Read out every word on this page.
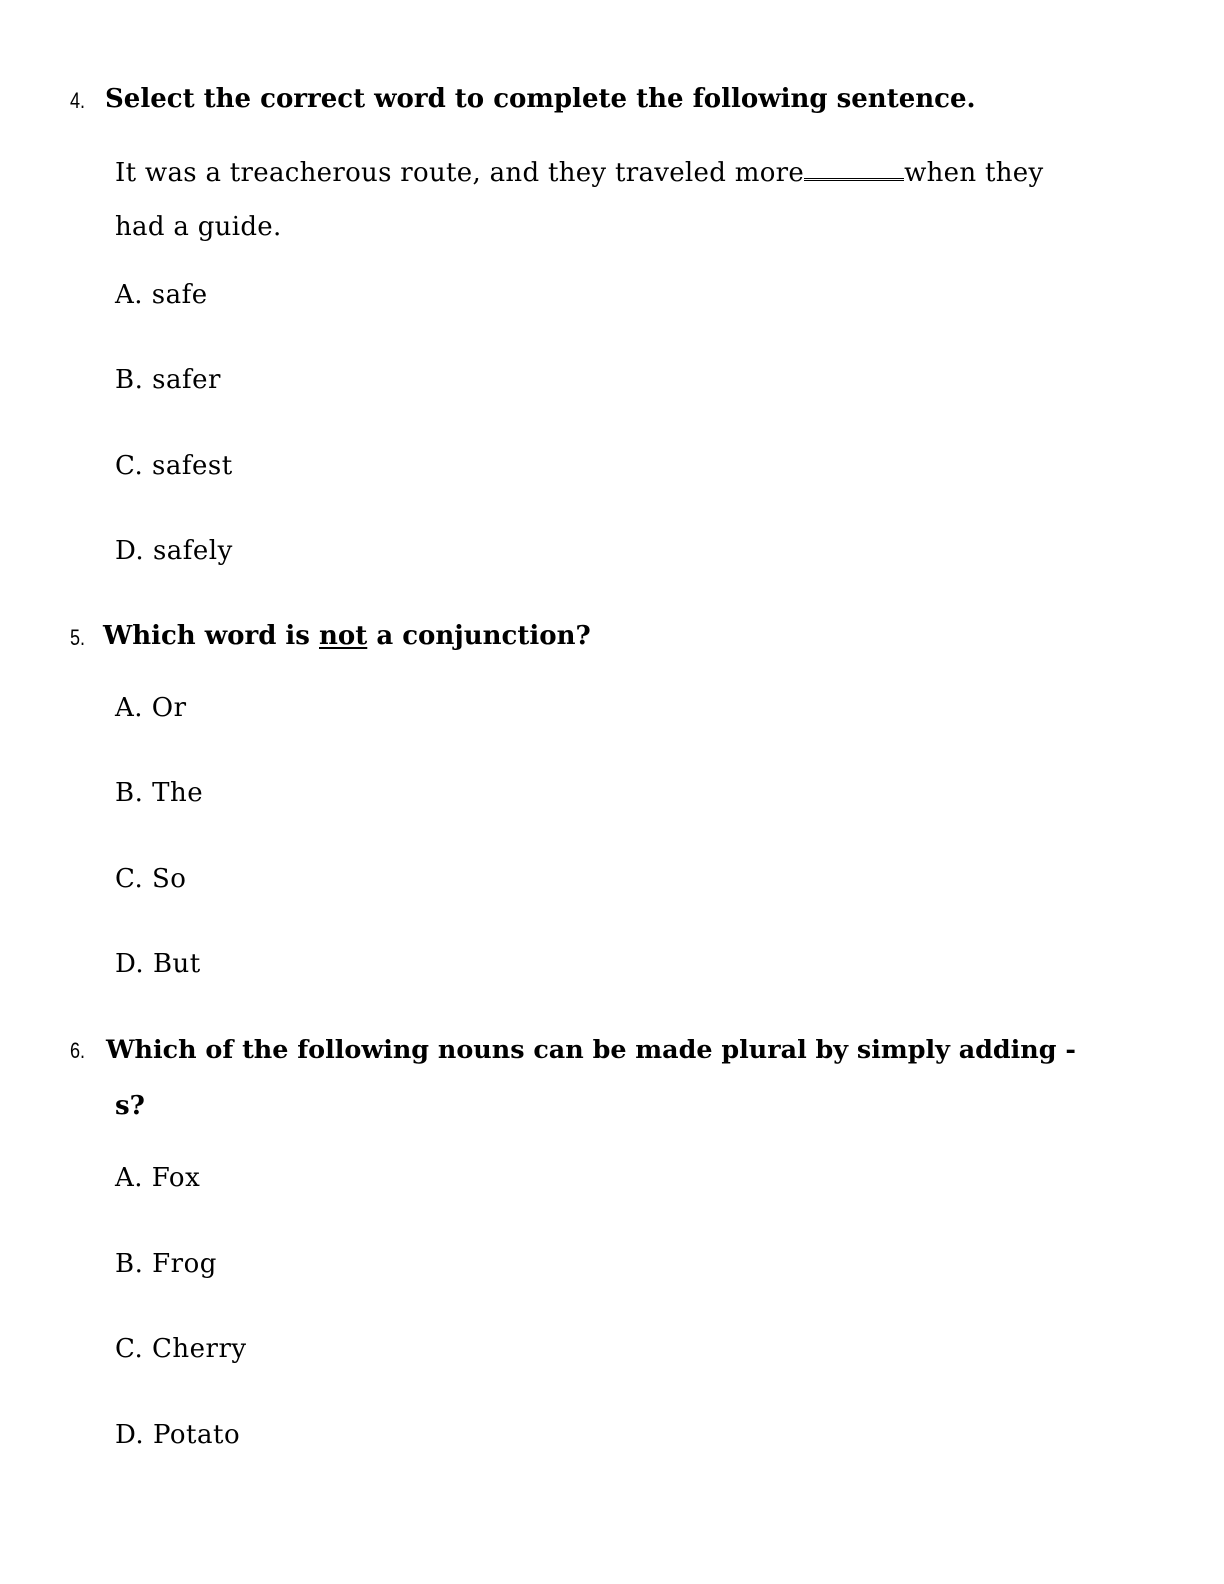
4. Select the correct word to complete the following sentence.
It was a treacherous route, and they traveled more	when they
had a guide.
A. safe
B. safer
C. safest
D. safely
5. Which word is not a conjunction?
A. Or
B. The
C. So
D. But
6. Which of the following nouns can be made plural by simply adding -
s?
A. Fox
B. Frog
C. Cherry
D. Potato
